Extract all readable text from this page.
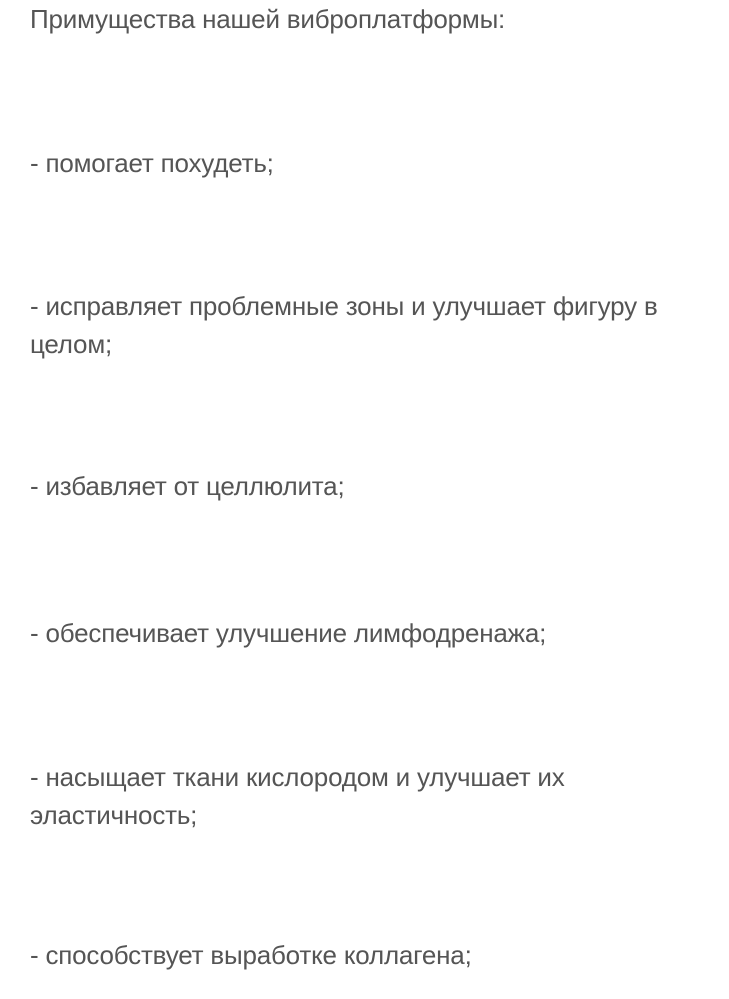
Примущества нашей виброплатформы:

- помогает похудеть;

- исправляет проблемные зоны и улучшает фигуру в целом;

- избавляет от целлюлита;

- обеспечивает улучшение лимфодренажа;

- насыщает ткани кислородом и улучшает их эластичность;

- способствует выработке коллагена;
